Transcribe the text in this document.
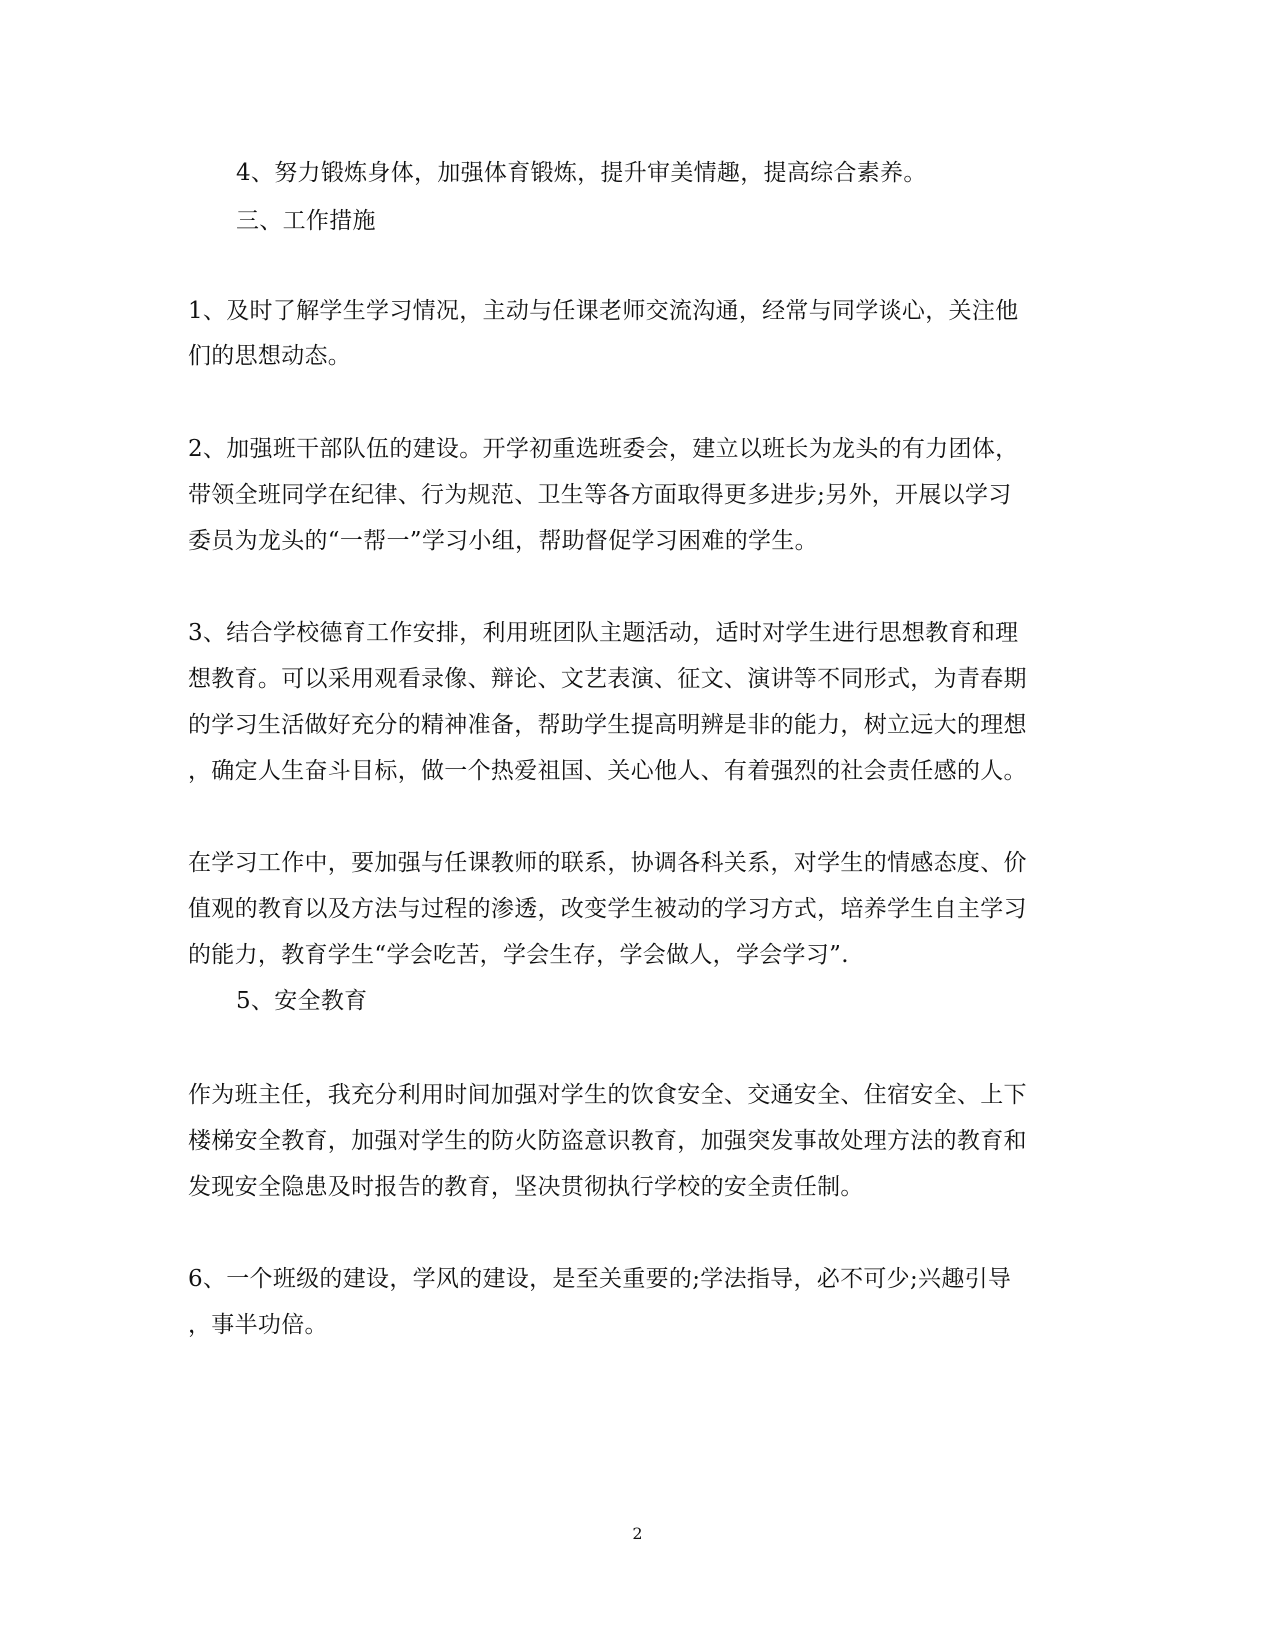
4、努力锻炼身体，加强体育锻炼，提升审美情趣，提高综合素养。
三、工作措施
1、及时了解学生学习情况，主动与任课老师交流沟通，经常与同学谈心，关注他
们的思想动态。
2、加强班干部队伍的建设。开学初重选班委会，建立以班长为龙头的有力团体，
带领全班同学在纪律、行为规范、卫生等各方面取得更多进步;另外，开展以学习
委员为龙头的“一帮一”学习小组，帮助督促学习困难的学生。
3、结合学校德育工作安排，利用班团队主题活动，适时对学生进行思想教育和理
想教育。可以采用观看录像、辩论、文艺表演、征文、演讲等不同形式，为青春期
的学习生活做好充分的精神准备，帮助学生提高明辨是非的能力，树立远大的理想
，确定人生奋斗目标，做一个热爱祖国、关心他人、有着强烈的社会责任感的人。
在学习工作中，要加强与任课教师的联系，协调各科关系，对学生的情感态度、价
值观的教育以及方法与过程的渗透，改变学生被动的学习方式，培养学生自主学习
的能力，教育学生“学会吃苦，学会生存，学会做人，学会学习”.
5、安全教育
作为班主任，我充分利用时间加强对学生的饮食安全、交通安全、住宿安全、上下
楼梯安全教育，加强对学生的防火防盗意识教育，加强突发事故处理方法的教育和
发现安全隐患及时报告的教育，坚决贯彻执行学校的安全责任制。
6、一个班级的建设，学风的建设，是至关重要的;学法指导，必不可少;兴趣引导
，事半功倍。
2
